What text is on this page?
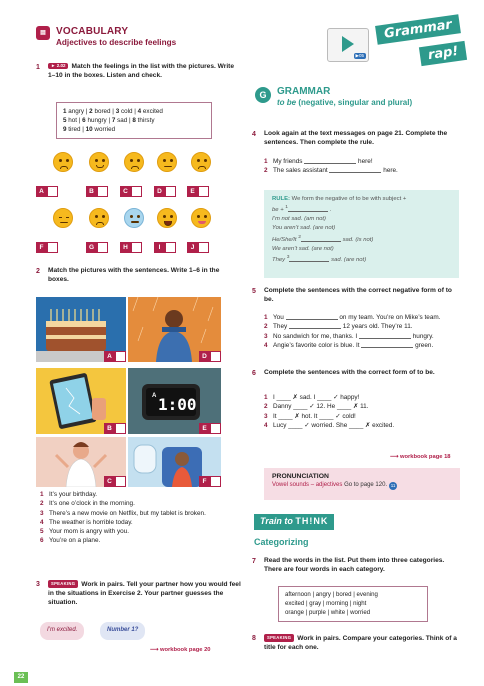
▤	VOCABULARY
Adjectives to describe feelings
1	► 2.02 Match the feelings in the list with the pictures. Write 1–10 in the boxes. Listen and check.
1 angry | 2 bored | 3 cold | 4 excited
5 hot | 6 hungry | 7 sad | 8 thirsty
9 tired | 10 worried
A	B	C	D	E
F	G	H	I	J
2	Match the pictures with the sentences. Write 1–6 in the boxes.
A	D
B
A 1:00
E
C	F
1 It’s your birthday.
2 It’s one o’clock in the morning.
3 There’s a new movie on Netflix, but my tablet is broken.
4 The weather is horrible today.
5 Your mom is angry with you.
6 You’re on a plane.
3	SPEAKING Work in pairs. Tell your partner how you would feel in the situations in Exercise 2. Your partner guesses the situation.
I’m excited.	Number 1?
⟶ workbook page 20
22
▶05
Grammar
rap!
G	GRAMMAR
to be (negative, singular and plural)
4	Look again at the text messages on page 21. Complete the sentences. Then complete the rule.
1 My friends	here!
2 The sales assistant	here.
RULE: We form the negative of to be with subject +
be + $^1$	.
I’m not sad. (am not)
You aren’t sad. (are not)
He/She/It $^2$	sad. (is not)
We aren’t sad. (are not)
They $^3$	sad. (are not)
5	Complete the sentences with the correct negative form of to be.
1 You	on my team. You’re on Mike’s team.
2 They	12 years old. They’re 11.
3 No sandwich for me, thanks. I	hungry.
4 Angie’s favorite color is blue. It	green.
6	Complete the sentences with the correct form of to be.
1 I ____ ✗ sad. I ____ ✓ happy!
2 Danny ____ ✓ 12. He ____ ✗ 11.
3 It ____ ✗ hot. It ____ ✓ cold!
4 Lucy ____ ✓ worried. She ____ ✗ excited.
⟶ workbook page 18
PRONUNCIATION
Vowel sounds – adjectives Go to page 120. 11
Train to TH!NK
Categorizing
7	Read the words in the list. Put them into three categories. There are four words in each category.
afternoon | angry | bored | evening
excited | gray | morning | night
orange | purple | white | worried
8	SPEAKING Work in pairs. Compare your categories. Think of a title for each one.
